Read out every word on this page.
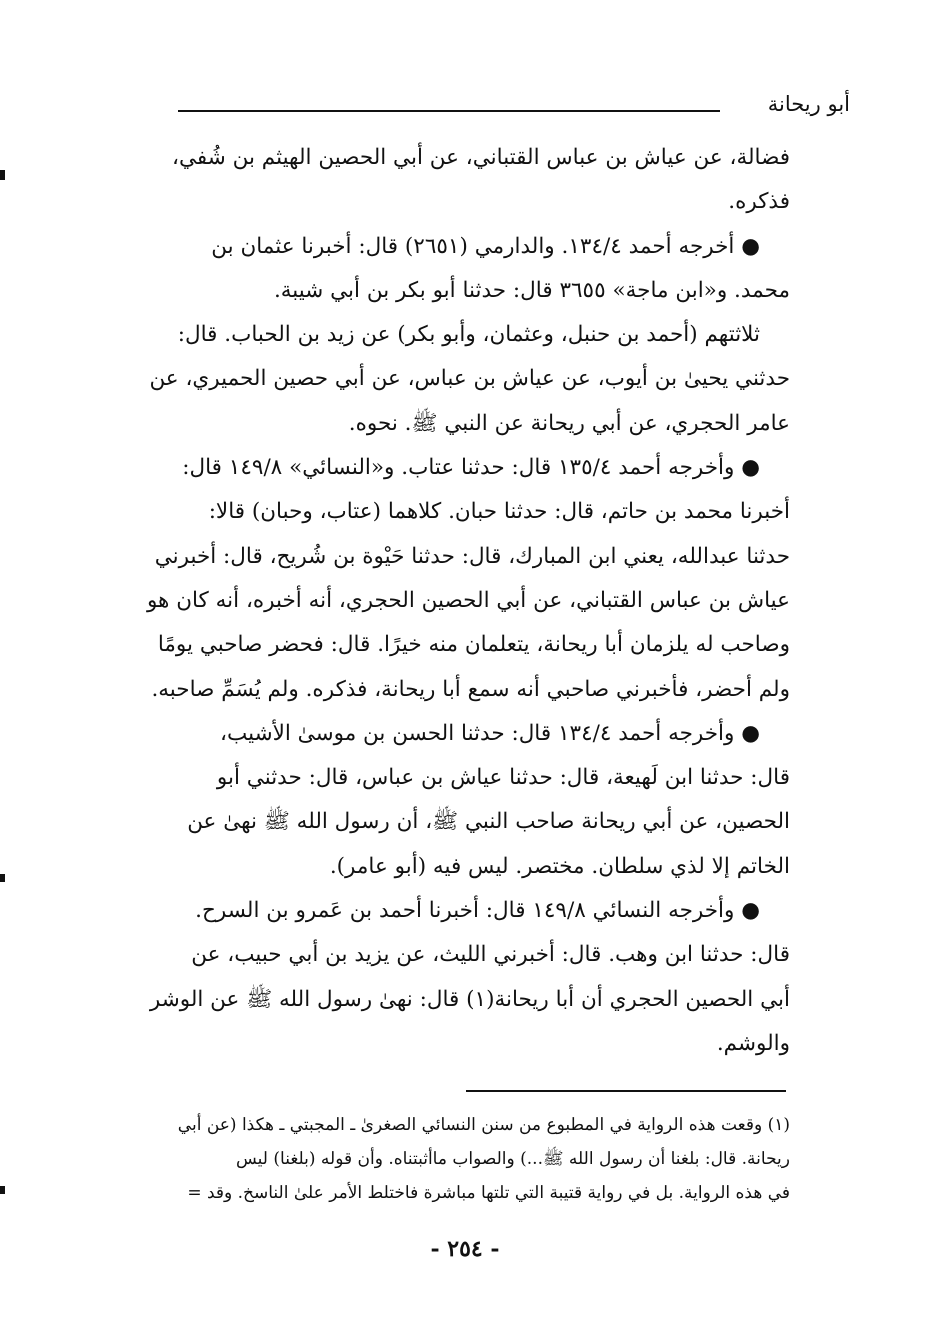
أبو ريحانة

فضالة، عن عياش بن عباس القتباني، عن أبي الحصين الهيثم بن شُفي،
فذكره.

● أخرجه أحمد ١٣٤/٤. والدارمي (٢٦٥١) قال: أخبرنا عثمان بن
محمد. و«ابن ماجة» ٣٦٥٥ قال: حدثنا أبو بكر بن أبي شيبة.

ثلاثتهم (أحمد بن حنبل، وعثمان، وأبو بكر) عن زيد بن الحباب. قال:
حدثني يحيىٰ بن أيوب، عن عياش بن عباس، عن أبي حصين الحميري، عن
عامر الحجري، عن أبي ريحانة عن النبي ﷺ. نحوه.

● وأخرجه أحمد ١٣٥/٤ قال: حدثنا عتاب. و«النسائي» ١٤٩/٨ قال:
أخبرنا محمد بن حاتم، قال: حدثنا حبان. كلاهما (عتاب، وحبان) قالا:
حدثنا عبدالله، يعني ابن المبارك، قال: حدثنا حَيْوة بن شُريح، قال: أخبرني
عياش بن عباس القتباني، عن أبي الحصين الحجري، أنه أخبره، أنه كان هو
وصاحب له يلزمان أبا ريحانة، يتعلمان منه خيرًا. قال: فحضر صاحبي يومًا
ولم أحضر، فأخبرني صاحبي أنه سمع أبا ريحانة، فذكره. ولم يُسَمِّ صاحبه.

● وأخرجه أحمد ١٣٤/٤ قال: حدثنا الحسن بن موسىٰ الأشيب،
قال: حدثنا ابن لَهيعة، قال: حدثنا عياش بن عباس، قال: حدثني أبو
الحصين، عن أبي ريحانة صاحب النبي ﷺ، أن رسول الله ﷺ نهىٰ عن
الخاتم إلا لذي سلطان. مختصر. ليس فيه (أبو عامر).

● وأخرجه النسائي ١٤٩/٨ قال: أخبرنا أحمد بن عَمرو بن السرح.
قال: حدثنا ابن وهب. قال: أخبرني الليث، عن يزيد بن أبي حبيب، عن
أبي الحصين الحجري أن أبا ريحانة(١) قال: نهىٰ رسول الله ﷺ عن الوشر
والوشم.

(١) وقعت هذه الرواية في المطبوع من سنن النسائي الصغرىٰ ـ المجبتي ـ هكذا (عن أبي
ريحانة. قال: بلغنا أن رسول الله ﷺ...) والصواب ماأثبتناه. وأن قوله (بلغنا) ليس
في هذه الرواية. بل في رواية قتيبة التي تلتها مباشرة فاختلط الأمر علىٰ الناسخ. وقد =

- ٢٥٤ -
